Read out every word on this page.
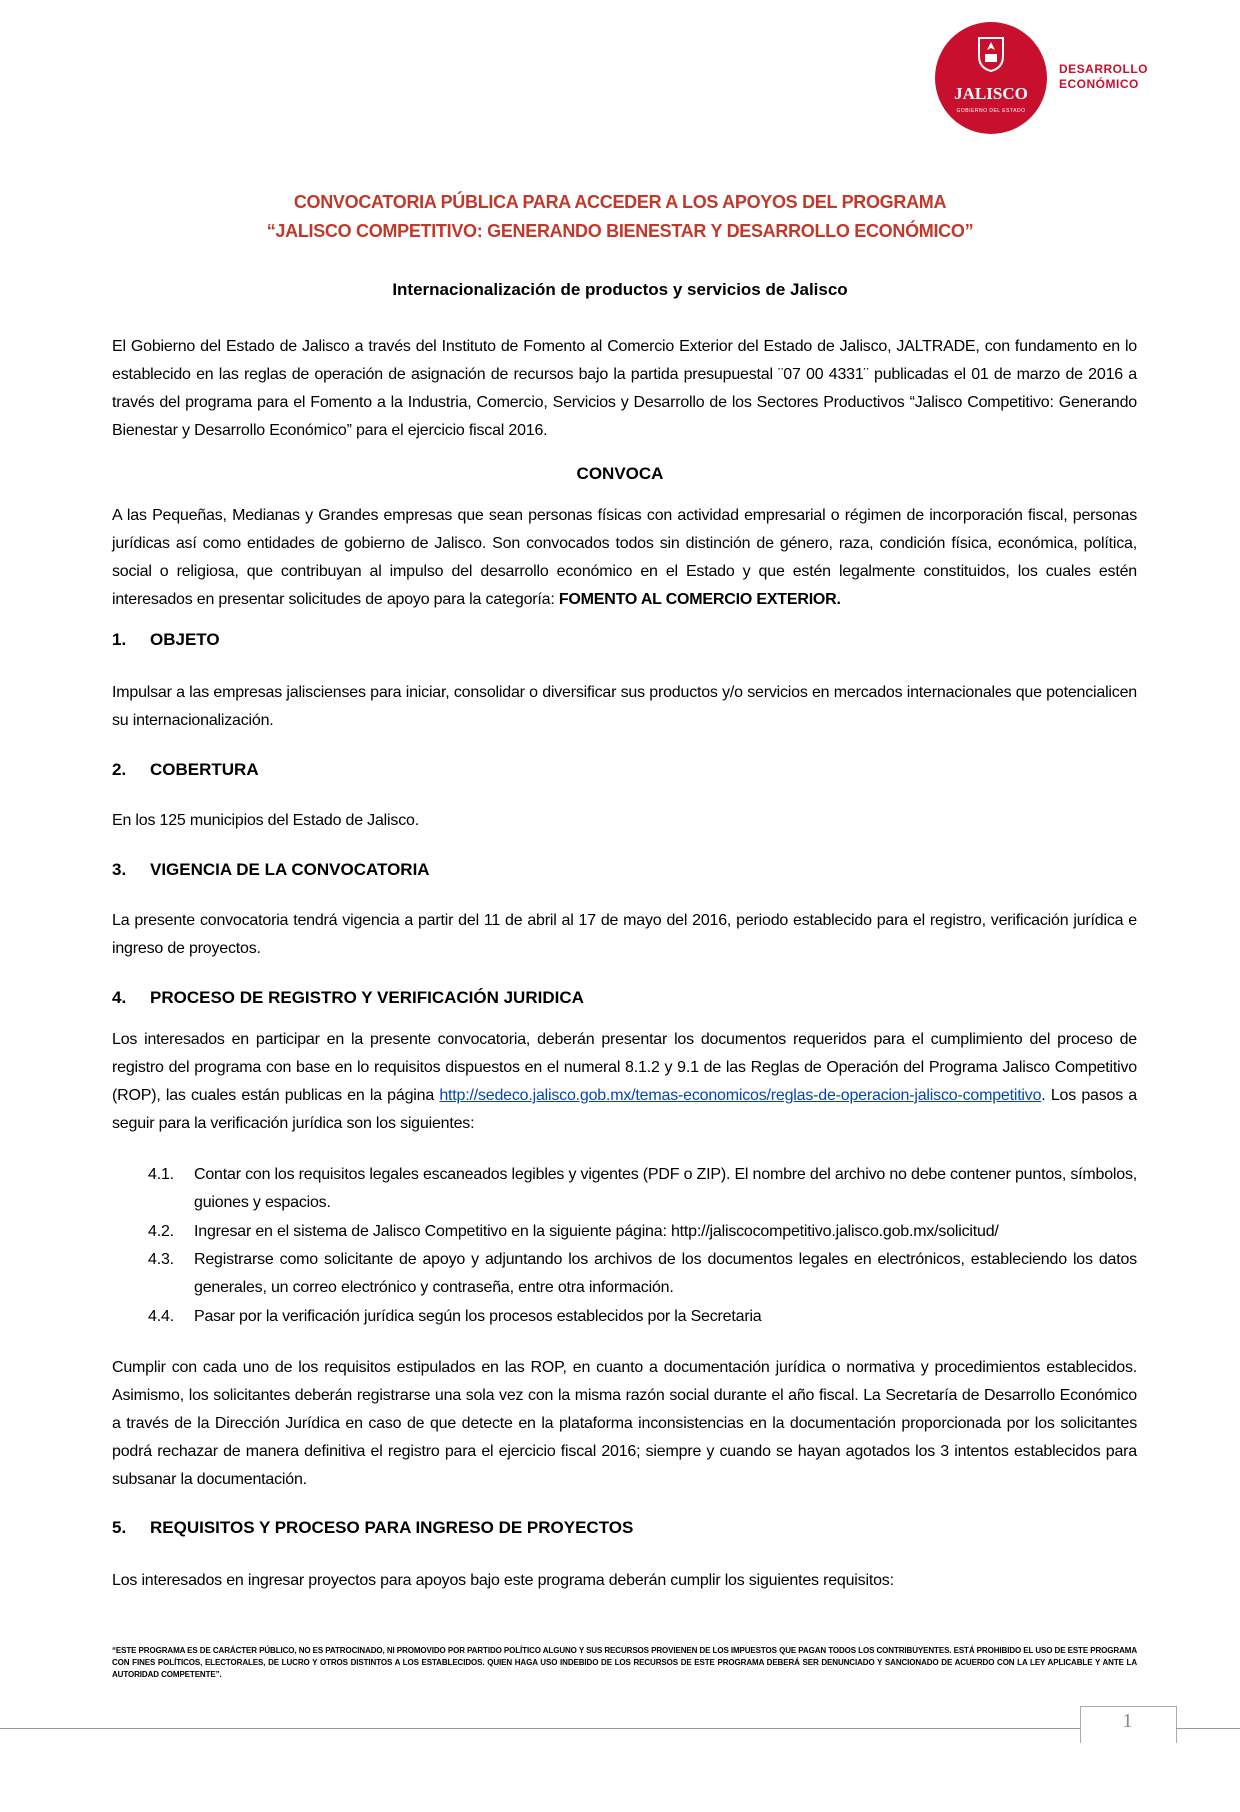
JALISCO
GOBIERNO DEL ESTADO
DESARROLLO
ECONÓMICO
CONVOCATORIA PÚBLICA PARA ACCEDER A LOS APOYOS DEL PROGRAMA
“JALISCO COMPETITIVO: GENERANDO BIENESTAR Y DESARROLLO ECONÓMICO”
Internacionalización de productos y servicios de Jalisco
El Gobierno del Estado de Jalisco a través del Instituto de Fomento al Comercio Exterior del Estado de Jalisco, JALTRADE, con fundamento en lo establecido en las reglas de operación de asignación de recursos bajo la partida presupuestal ¨07 00 4331¨ publicadas el 01 de marzo de 2016 a través del programa para el Fomento a la Industria, Comercio, Servicios y Desarrollo de los Sectores Productivos “Jalisco Competitivo: Generando Bienestar y Desarrollo Económico” para el ejercicio fiscal 2016.
CONVOCA
A las Pequeñas, Medianas y Grandes empresas que sean personas físicas con actividad empresarial o régimen de incorporación fiscal, personas jurídicas así como entidades de gobierno de Jalisco. Son convocados todos sin distinción de género, raza, condición física, económica, política, social o religiosa, que contribuyan al impulso del desarrollo económico en el Estado y que estén legalmente constituidos, los cuales estén interesados en presentar solicitudes de apoyo para la categoría: FOMENTO AL COMERCIO EXTERIOR.
1. OBJETO
Impulsar a las empresas jaliscienses para iniciar, consolidar o diversificar sus productos y/o servicios en mercados internacionales que potencialicen su internacionalización.
2. COBERTURA
En los 125 municipios del Estado de Jalisco.
3. VIGENCIA DE LA CONVOCATORIA
La presente convocatoria tendrá vigencia a partir del 11 de abril al 17 de mayo del 2016, periodo establecido para el registro, verificación jurídica e ingreso de proyectos.
4. PROCESO DE REGISTRO Y VERIFICACIÓN JURIDICA
Los interesados en participar en la presente convocatoria, deberán presentar los documentos requeridos para el cumplimiento del proceso de registro del programa con base en lo requisitos dispuestos en el numeral 8.1.2 y 9.1 de las Reglas de Operación del Programa Jalisco Competitivo (ROP), las cuales están publicas en la página http://sedeco.jalisco.gob.mx/temas-economicos/reglas-de-operacion-jalisco-competitivo. Los pasos a seguir para la verificación jurídica son los siguientes:
4.1. Contar con los requisitos legales escaneados legibles y vigentes (PDF o ZIP). El nombre del archivo no debe contener puntos, símbolos, guiones y espacios.
4.2. Ingresar en el sistema de Jalisco Competitivo en la siguiente página: http://jaliscocompetitivo.jalisco.gob.mx/solicitud/
4.3. Registrarse como solicitante de apoyo y adjuntando los archivos de los documentos legales en electrónicos, estableciendo los datos generales, un correo electrónico y contraseña, entre otra información.
4.4. Pasar por la verificación jurídica según los procesos establecidos por la Secretaria
Cumplir con cada uno de los requisitos estipulados en las ROP, en cuanto a documentación jurídica o normativa y procedimientos establecidos. Asimismo, los solicitantes deberán registrarse una sola vez con la misma razón social durante el año fiscal. La Secretaría de Desarrollo Económico a través de la Dirección Jurídica en caso de que detecte en la plataforma inconsistencias en la documentación proporcionada por los solicitantes podrá rechazar de manera definitiva el registro para el ejercicio fiscal 2016; siempre y cuando se hayan agotados los 3 intentos establecidos para subsanar la documentación.
5. REQUISITOS Y PROCESO PARA INGRESO DE PROYECTOS
Los interesados en ingresar proyectos para apoyos bajo este programa deberán cumplir los siguientes requisitos:
“ESTE PROGRAMA ES DE CARÁCTER PÚBLICO, NO ES PATROCINADO, NI PROMOVIDO POR PARTIDO POLÍTICO ALGUNO Y SUS RECURSOS PROVIENEN DE LOS IMPUESTOS QUE PAGAN TODOS LOS CONTRIBUYENTES. ESTÁ PROHIBIDO EL USO DE ESTE PROGRAMA CON FINES POLÍTICOS, ELECTORALES, DE LUCRO Y OTROS DISTINTOS A LOS ESTABLECIDOS. QUIEN HAGA USO INDEBIDO DE LOS RECURSOS DE ESTE PROGRAMA DEBERÁ SER DENUNCIADO Y SANCIONADO DE ACUERDO CON LA LEY APLICABLE Y ANTE LA AUTORIDAD COMPETENTE”.
1
